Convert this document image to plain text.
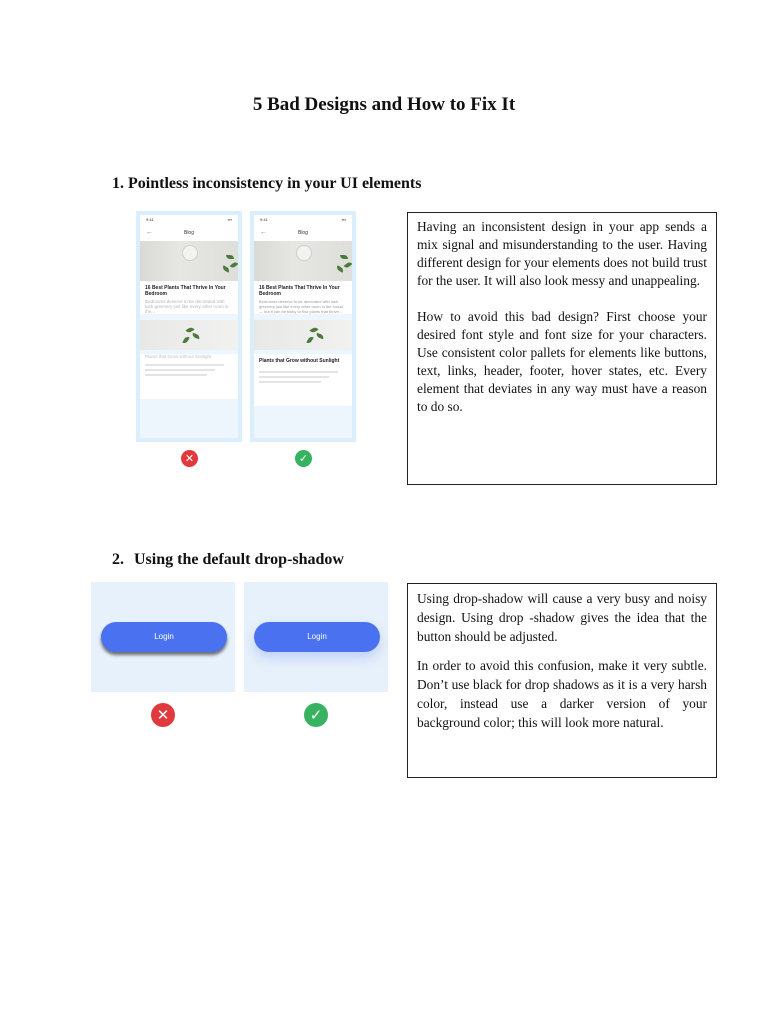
5 Bad Designs and How to Fix It
1. Pointless inconsistency in your UI elements
9:41	▪▪▪
←	Blog
16 Best Plants That Thrive In Your Bedroom
Bedrooms deserve to be decorated with lush greenery just like every other room in the...
Plants that Grow without Sunlight
9:41	▪▪▪
←	Blog
16 Best Plants That Thrive In Your Bedroom
Bedrooms deserve to be decorated with lush greenery just like every other room in the house — but it can be tricky to find plants that thrive...
Plants that Grow without Sunlight
✕	✓

Having an inconsistent design in your app sends a mix signal and misunderstanding to the user. Having different design for your elements does not build trust for the user. It will also look messy and unappealing.

How to avoid this bad design? First choose your desired font style and font size for your characters. Use consistent color pallets for elements like buttons, text, links, header, footer, hover states, etc. Every element that deviates in any way must have a reason to do so.

2. Using the default drop-shadow
Login	Login
✕	✓

Using drop-shadow will cause a very busy and noisy design. Using drop -shadow gives the idea that the button should be adjusted.

In order to avoid this confusion, make it very subtle. Don’t use black for drop shadows as it is a very harsh color, instead use a darker version of your background color; this will look more natural.
